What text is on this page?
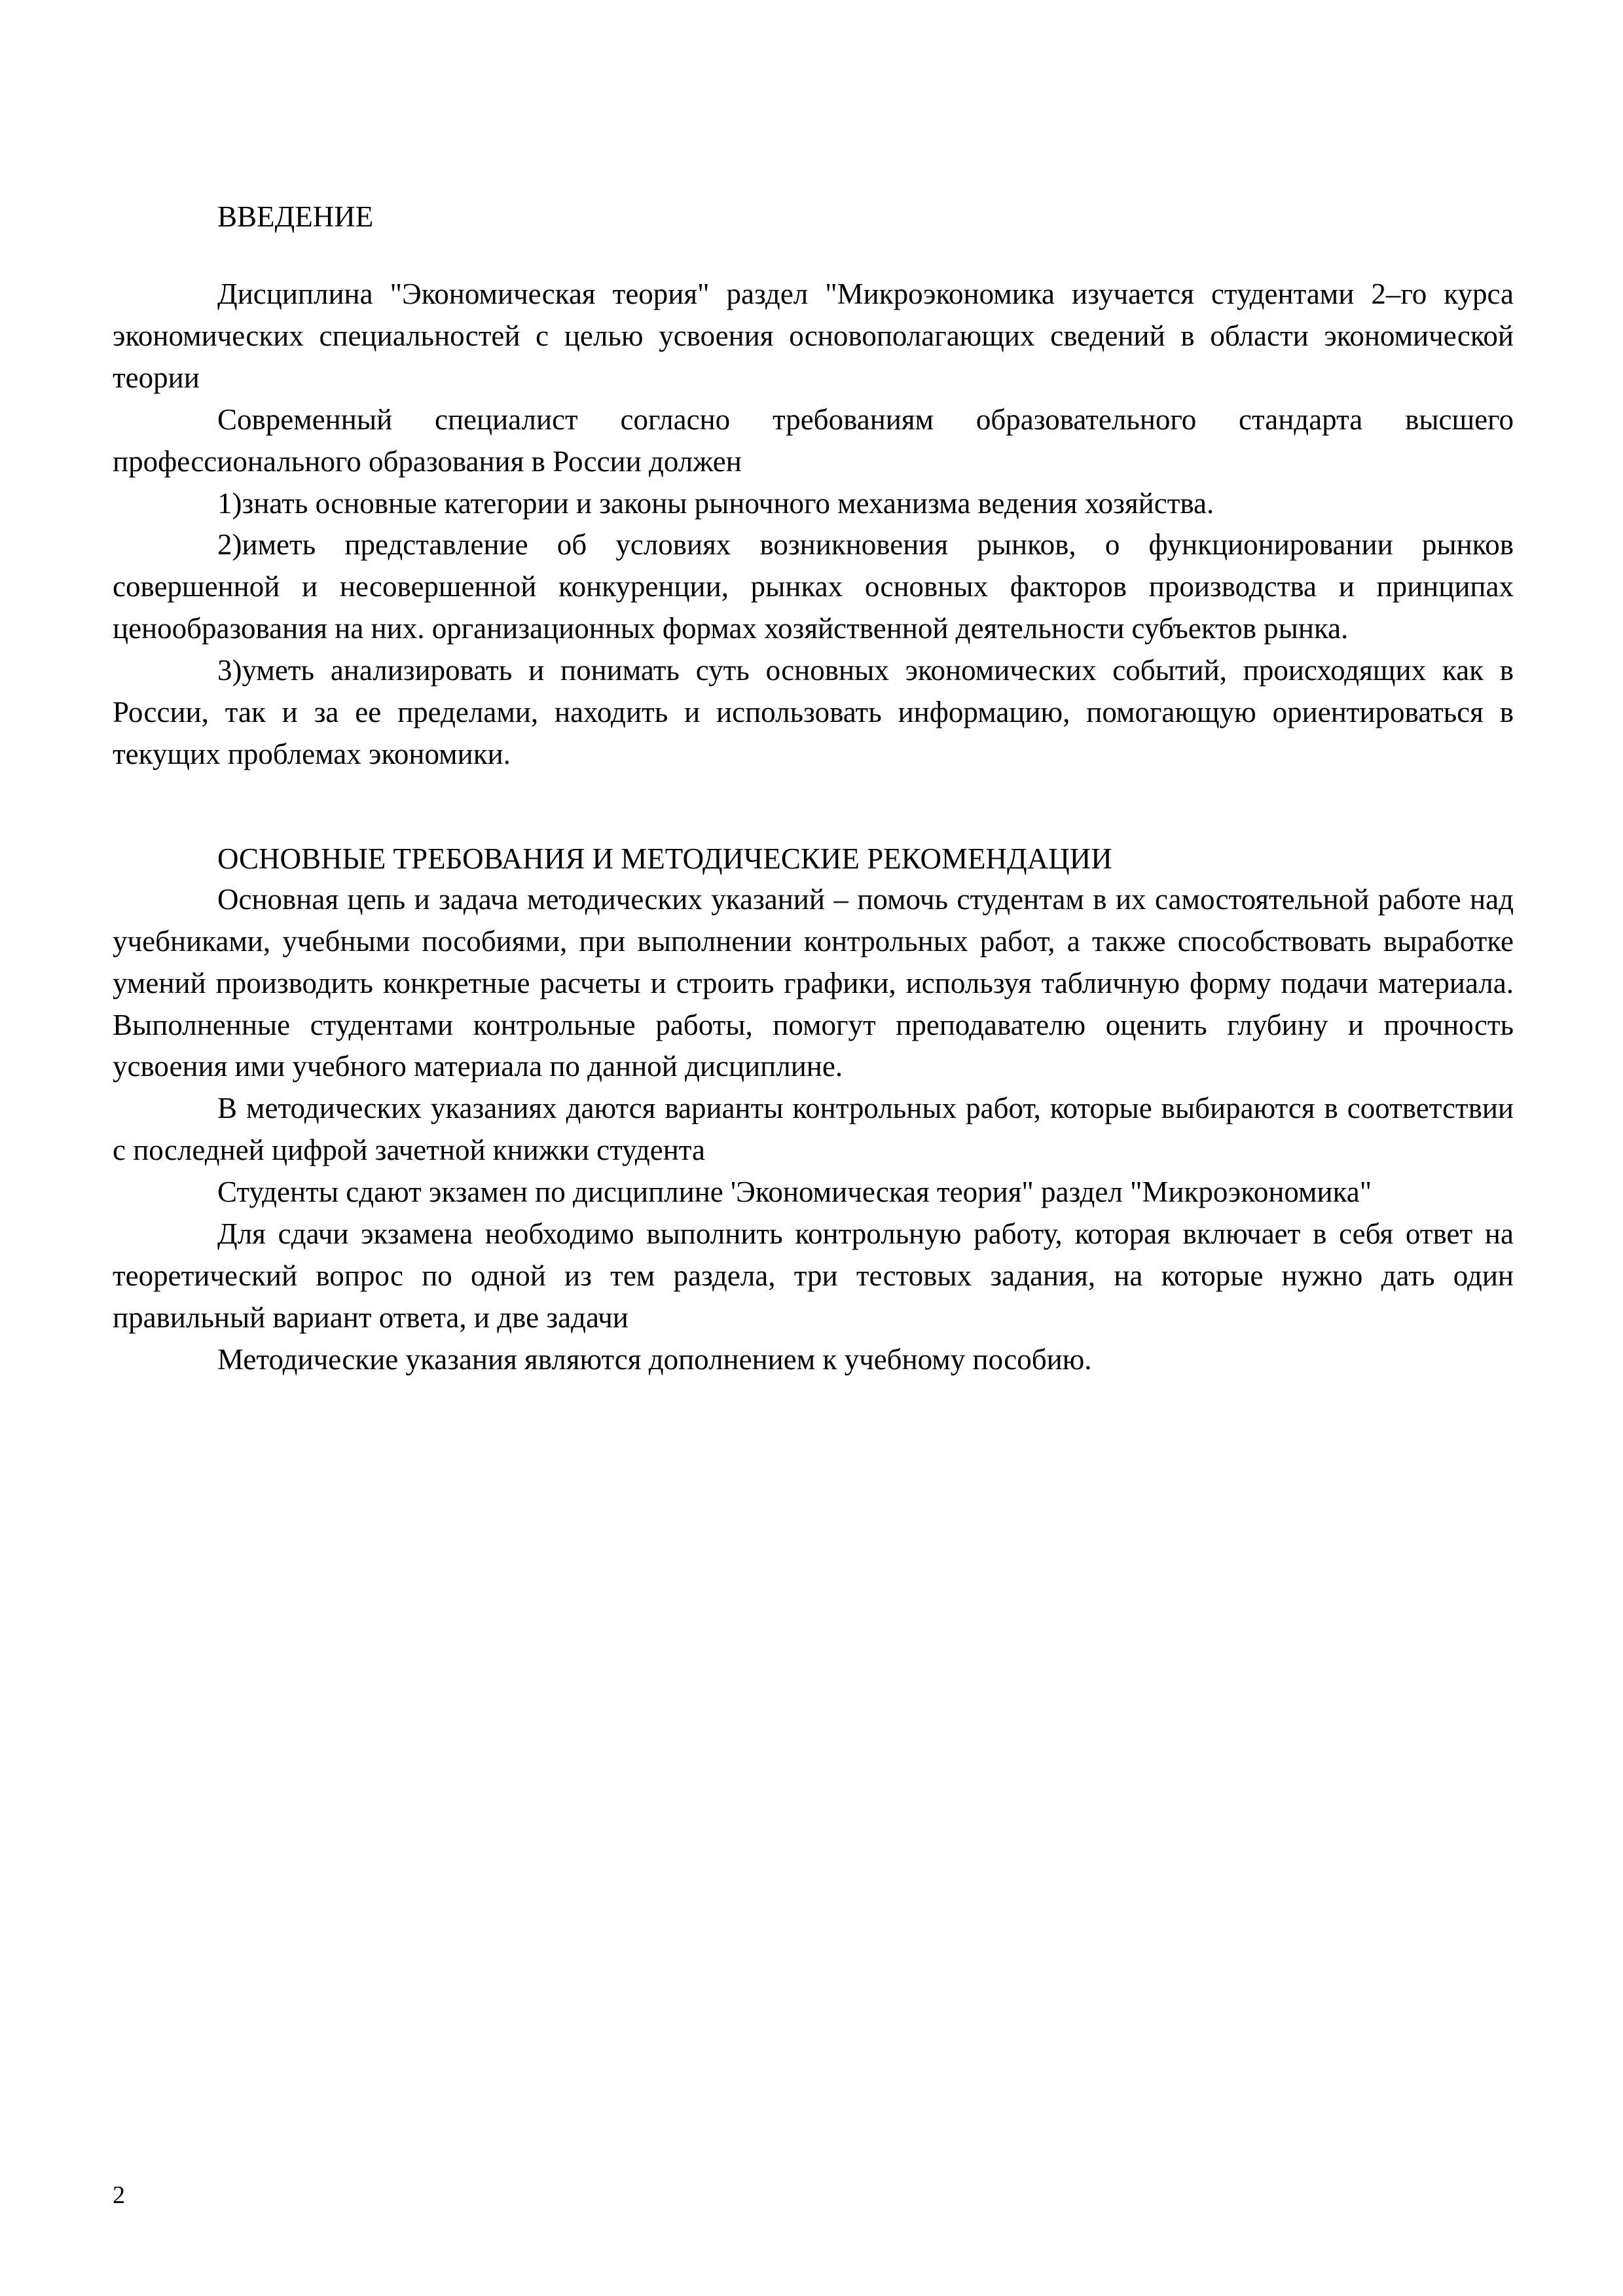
ВВЕДЕНИЕ

Дисциплина "Экономическая теория" раздел "Микроэкономика изучается студентами 2–го курса экономических специальностей с целью усвоения основополагающих сведений в области экономической теории

Современный специалист согласно требованиям образовательного стандарта высшего профессионального образования в России должен

1)знать основные категории и законы рыночного механизма ведения хозяйства.

2)иметь представление об условиях возникновения рынков, о функционировании рынков совершенной и несовершенной конкуренции, рынках основных факторов производства и принципах ценообразования на них. организационных формах хозяйственной деятельности субъектов рынка.

3)уметь анализировать и понимать суть основных экономических событий, происходящих как в России, так и за ее пределами, находить и использовать информацию, помогающую ориентироваться в текущих проблемах экономики.

ОСНОВНЫЕ ТРЕБОВАНИЯ И МЕТОДИЧЕСКИЕ РЕКОМЕНДАЦИИ

Основная цепь и задача методических указаний – помочь студентам в их самостоятельной работе над учебниками, учебными пособиями, при выполнении контрольных работ, а также способствовать выработке умений производить конкретные расчеты и строить графики, используя табличную форму подачи материала. Выполненные студентами контрольные работы, помогут преподавателю оценить глубину и прочность усвоения ими учебного материала по данной дисциплине.

В методических указаниях даются варианты контрольных работ, которые выбираются в соответствии с последней цифрой зачетной книжки студента

Студенты сдают экзамен по дисциплине 'Экономическая теория" раздел "Микроэкономика"

Для сдачи экзамена необходимо выполнить контрольную работу, которая включает в себя ответ на теоретический вопрос по одной из тем раздела, три тестовых задания, на которые нужно дать один правильный вариант ответа, и две задачи

Методические указания являются дополнением к учебному пособию.

2
